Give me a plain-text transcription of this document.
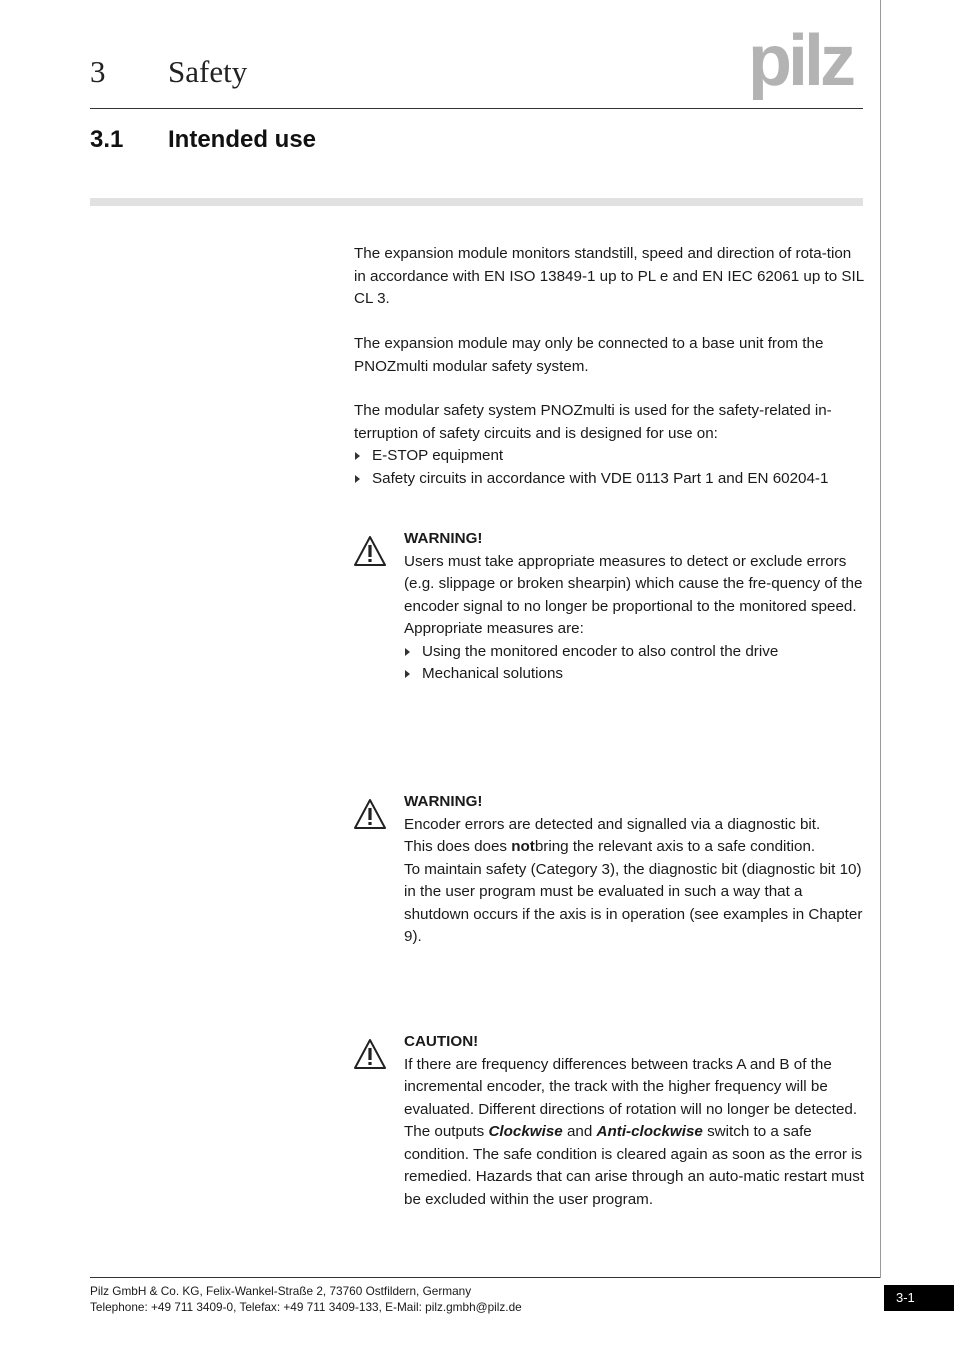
3 Safety	pilz
3.1 Intended use
The expansion module monitors standstill, speed and direction of rota-tion in accordance with EN ISO 13849-1 up to PL e and EN IEC 62061 up to SIL CL 3.
The expansion module may only be connected to a base unit from the PNOZmulti modular safety system.
The modular safety system PNOZmulti is used for the safety-related in-terruption of safety circuits and is designed for use on:
E-STOP equipment
Safety circuits in accordance with VDE 0113 Part 1 and EN 60204-1
WARNING!
Users must take appropriate measures to detect or exclude errors (e.g. slippage or broken shearpin) which cause the fre-quency of the encoder signal to no longer be proportional to the monitored speed.
Appropriate measures are:
Using the monitored encoder to also control the drive
Mechanical solutions
WARNING!
Encoder errors are detected and signalled via a diagnostic bit.
This does does notbring the relevant axis to a safe condition.
To maintain safety (Category 3), the diagnostic bit (diagnostic bit 10) in the user program must be evaluated in such a way that a shutdown occurs if the axis is in operation (see examples in Chapter 9).
CAUTION!
If there are frequency differences between tracks A and B of the incremental encoder, the track with the higher frequency will be evaluated. Different directions of rotation will no longer be detected. The outputs Clockwise and Anti-clockwise switch to a safe condition. The safe condition is cleared again as soon as the error is remedied. Hazards that can arise through an auto-matic restart must be excluded within the user program.
Pilz GmbH & Co. KG, Felix-Wankel-Straße 2, 73760 Ostfildern, Germany
Telephone: +49 711 3409-0, Telefax: +49 711 3409-133, E-Mail: pilz.gmbh@pilz.de
3-1
